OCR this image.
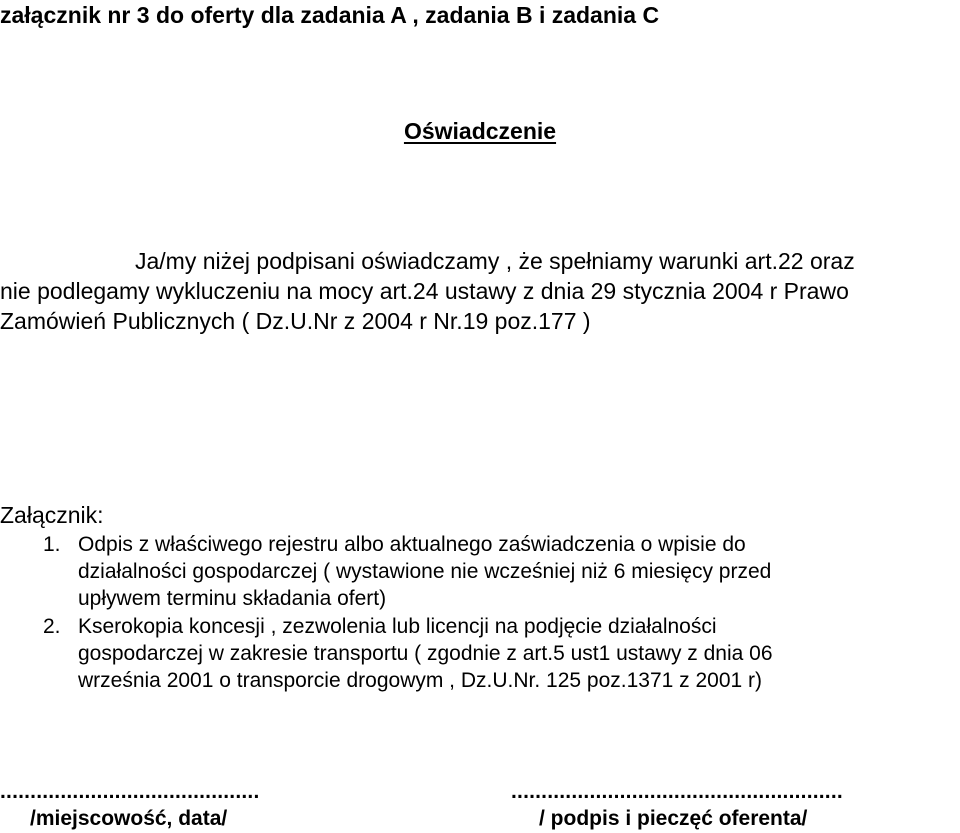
załącznik nr 3 do oferty dla zadania A , zadania B i zadania C
Oświadczenie
Ja/my niżej podpisani oświadczamy , że spełniamy warunki art.22 oraz
nie podlegamy wykluczeniu na mocy art.24 ustawy z dnia 29 stycznia 2004 r Prawo
Zamówień Publicznych ( Dz.U.Nr z 2004 r Nr.19 poz.177 )
Załącznik:
1. Odpis z właściwego rejestru albo aktualnego zaświadczenia o wpisie do
działalności gospodarczej ( wystawione nie wcześniej niż 6 miesięcy przed
upływem terminu składania ofert)
2. Kserokopia koncesji , zezwolenia lub licencji na podjęcie działalności
gospodarczej w zakresie transportu ( zgodnie z art.5 ust1 ustawy z dnia 06
września 2001 o transporcie drogowym , Dz.U.Nr. 125 poz.1371 z 2001 r)
...........................................
/miejscowość, data/
.......................................................
/ podpis i pieczęć oferenta/
